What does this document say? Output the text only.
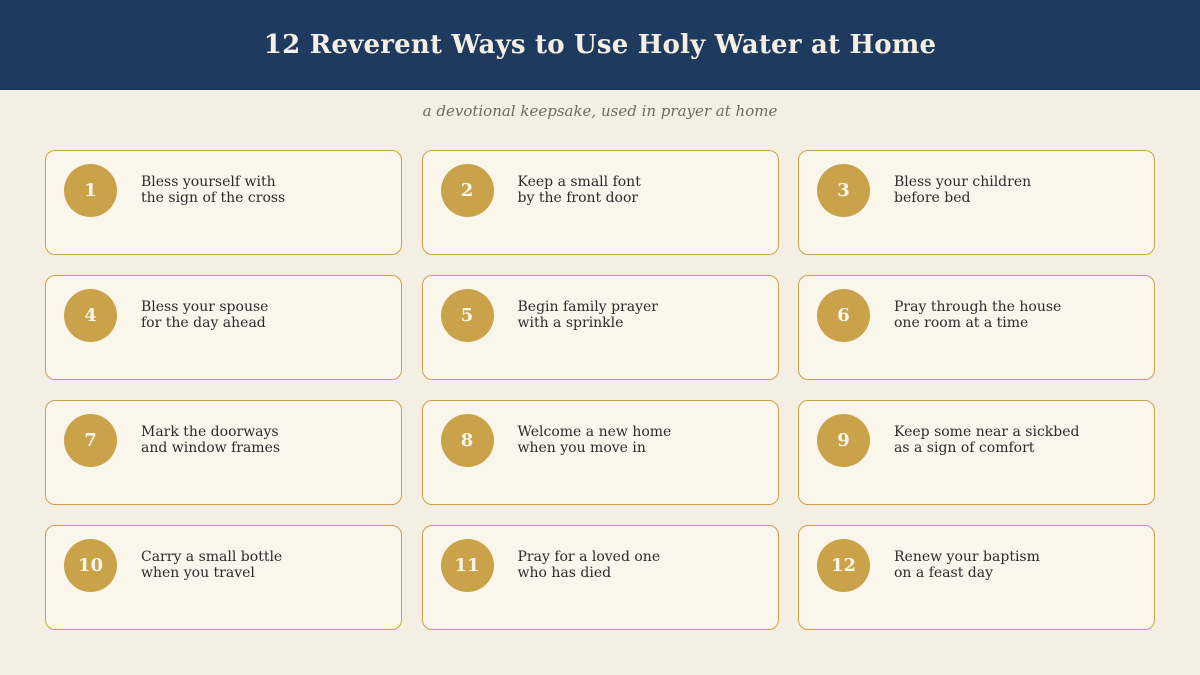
12 Reverent Ways to Use Holy Water at Home
a devotional keepsake, used in prayer at home
1	Bless yourself with
the sign of the cross	2	Keep a small font
by the front door	3	Bless your children
before bed
4	Bless your spouse
for the day ahead	5	Begin family prayer
with a sprinkle	6	Pray through the house
one room at a time
7	Mark the doorways
and window frames	8	Welcome a new home
when you move in	9	Keep some near a sickbed
as a sign of comfort
10	Carry a small bottle
when you travel	11	Pray for a loved one
who has died	12	Renew your baptism
on a feast day
